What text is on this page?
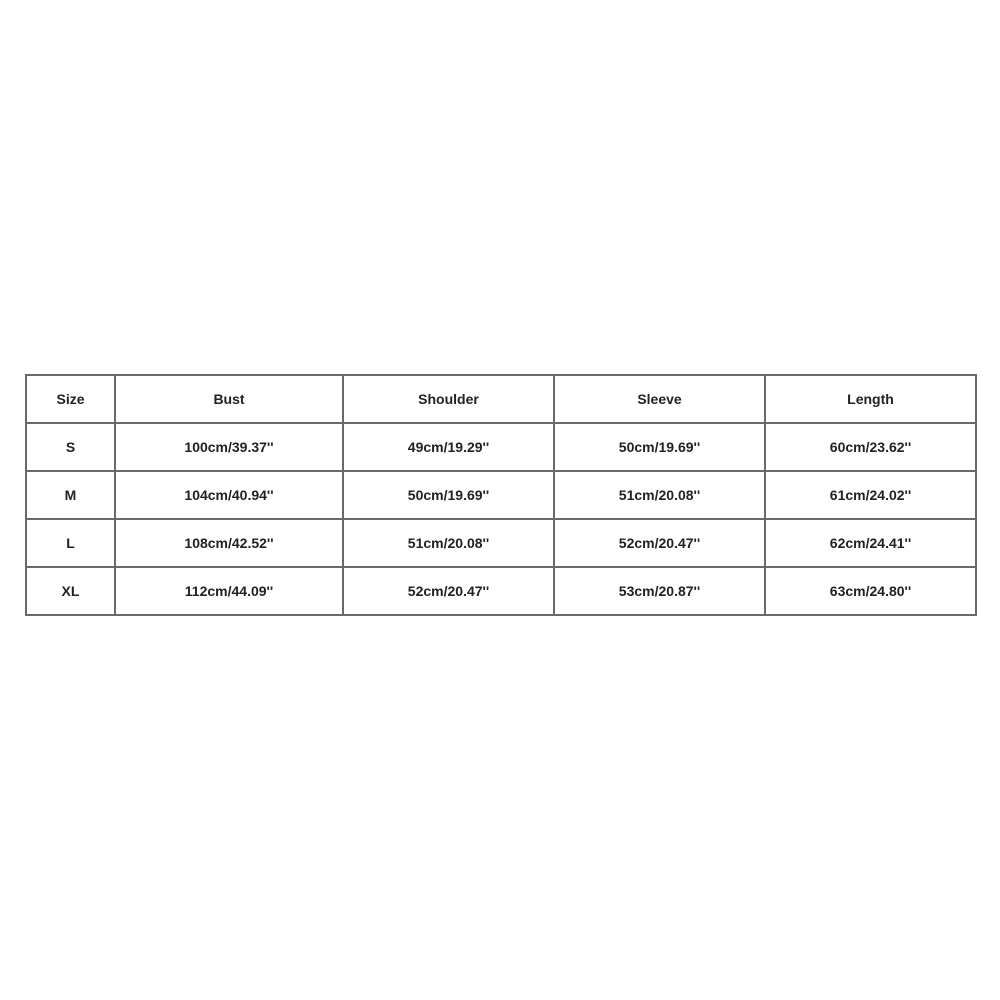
Size	Bust	Shoulder	Sleeve	Length
S	100cm/39.37''	49cm/19.29''	50cm/19.69''	60cm/23.62''
M	104cm/40.94''	50cm/19.69''	51cm/20.08''	61cm/24.02''
L	108cm/42.52''	51cm/20.08''	52cm/20.47''	62cm/24.41''
XL	112cm/44.09''	52cm/20.47''	53cm/20.87''	63cm/24.80''
